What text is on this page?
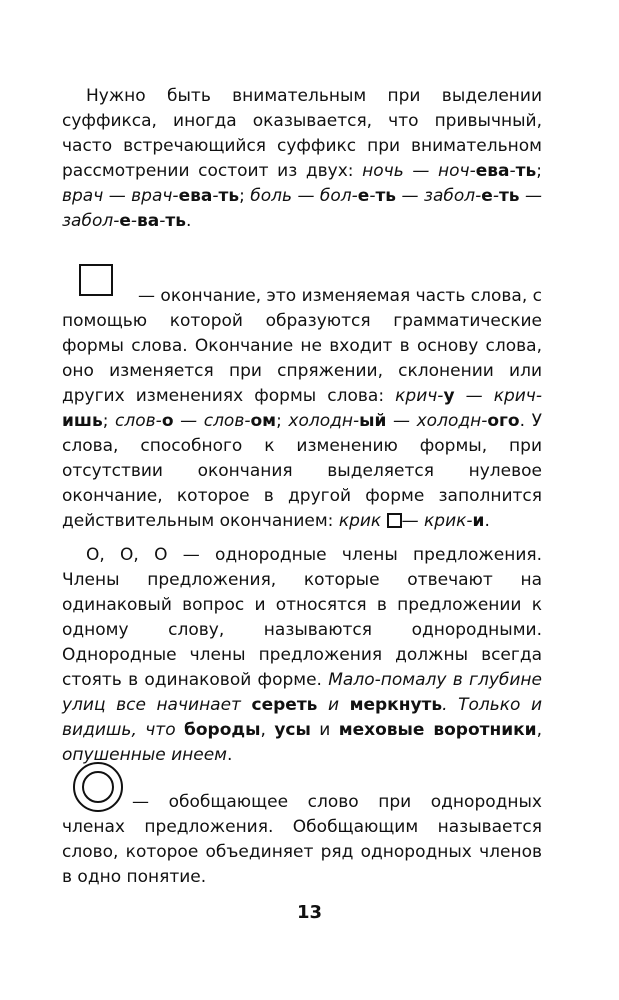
Нужно быть внимательным при выделении суффикса, иногда оказывается, что привычный, часто встречающийся суффикс при внимательном рассмотрении состоит из двух: ночь — ноч-ева-ть; врач — врач-ева-ть; боль — бол-е-ть — забол-е-ть — забол-е-ва-ть.

— окончание, это изменяемая часть слова, с помощью которой образуются грамматические формы слова. Окончание не входит в основу слова, оно изменяется при спряжении, склонении или других изменениях формы слова: крич-у — крич-ишь; слов-о — слов-ом; холодн-ый — холодн-ого. У слова, способного к изменению формы, при отсутствии окончания выделяется нулевое окончание, которое в другой форме заполнится действительным окончанием: крик — крик-и.

О, О, О — однородные члены предложения. Члены предложения, которые отвечают на одинаковый вопрос и относятся в предложении к одному слову, называются однородными. Однородные члены предложения должны всегда стоять в одинаковой форме. Мало-помалу в глубине улиц все начинает сереть и меркнуть. Только и видишь, что бороды, усы и меховые воротники, опушенные инеем.

— обобщающее слово при однородных членах предложения. Обобщающим называется слово, которое объединяет ряд однородных членов в одно понятие.

13
